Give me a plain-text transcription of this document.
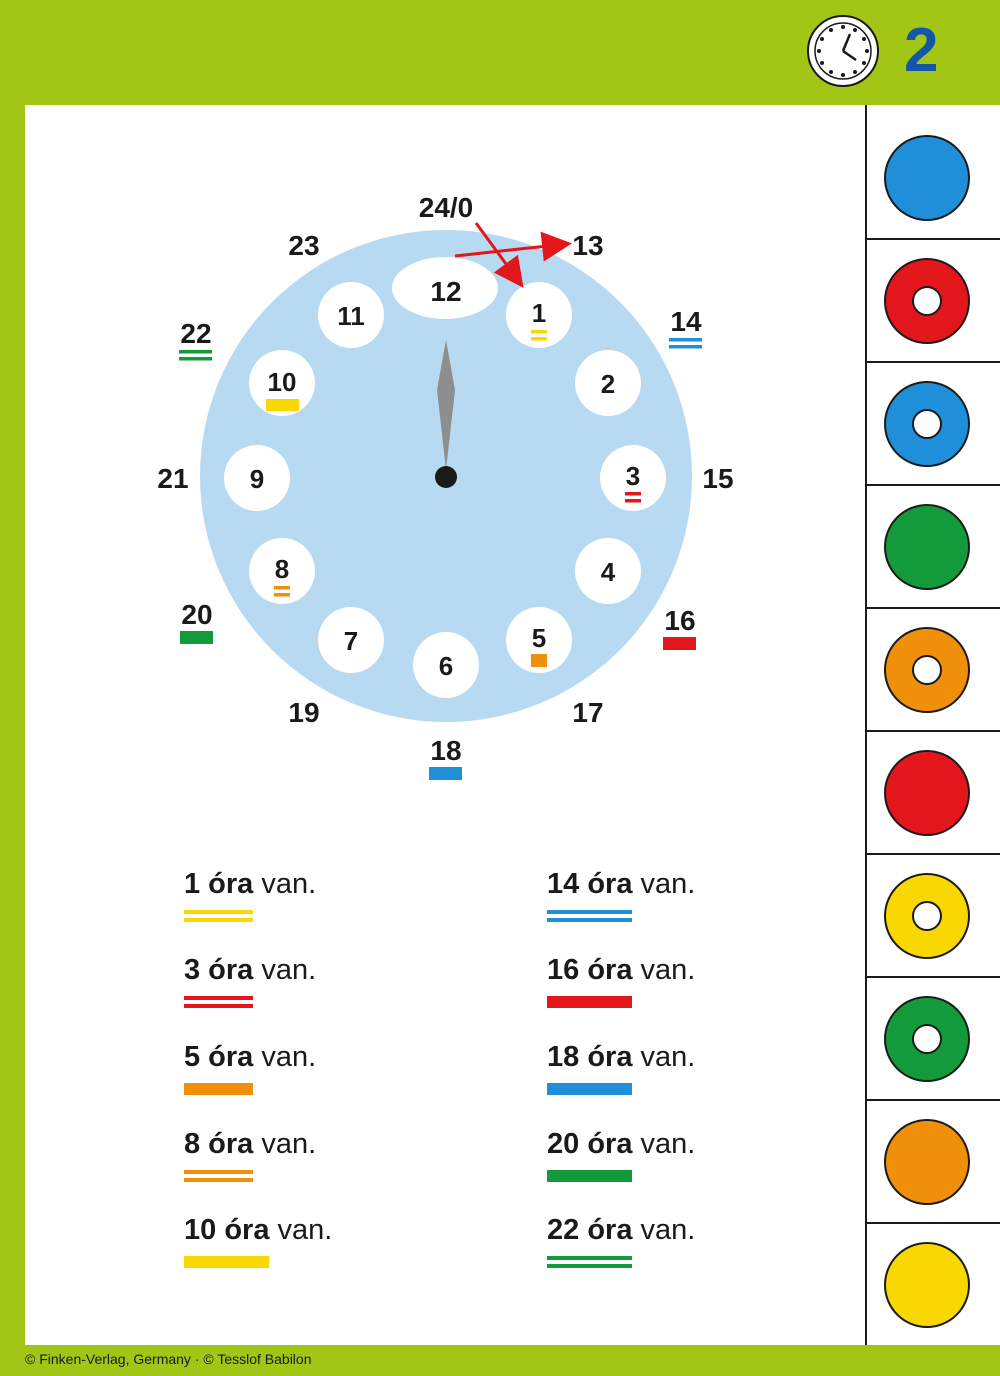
2
12
1
2
3
4
5
6
7
8
9
10
11
24/0
13
14
15
16
17
18
19
20
21
22
23
1 óra van.
3 óra van.
5 óra van.
8 óra van.
10 óra van.
14 óra van.
16 óra van.
18 óra van.
20 óra van.
22 óra van.
© Finken-Verlag, Germany · © Tesslof Babilon
